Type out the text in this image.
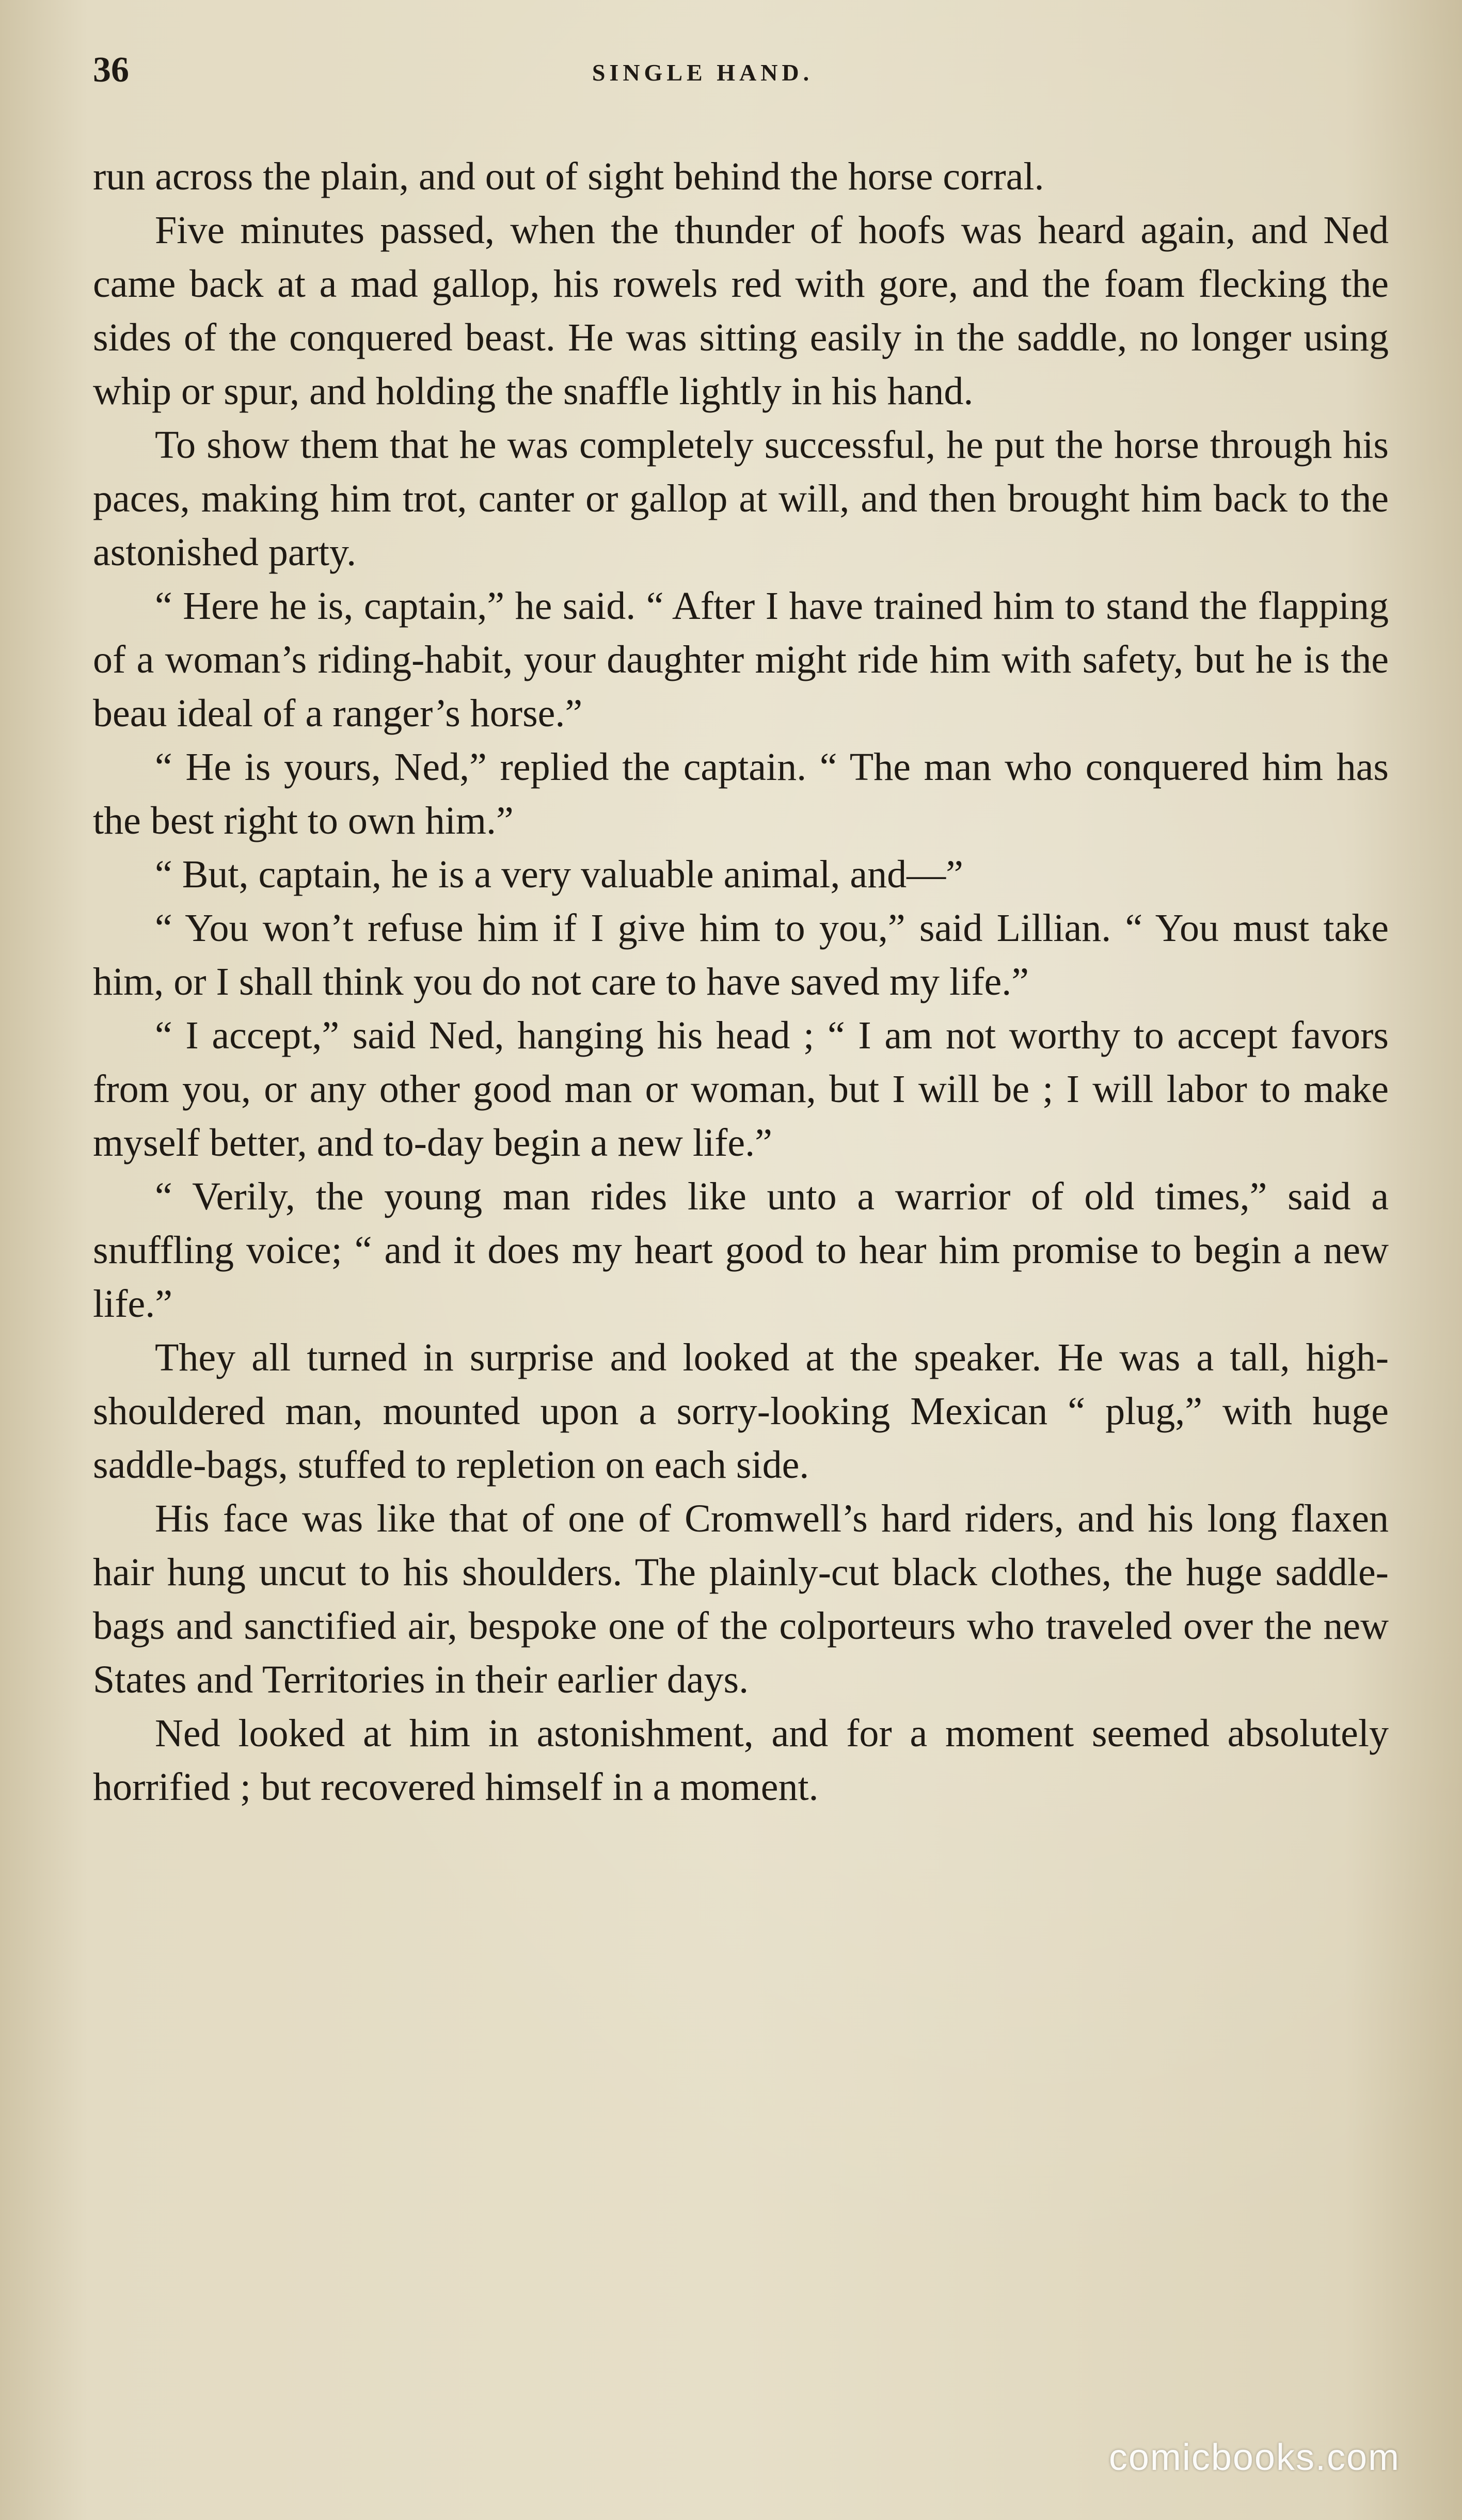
36	SINGLE HAND.

run across the plain, and out of sight behind the horse corral.

Five minutes passed, when the thunder of hoofs was heard again, and Ned came back at a mad gallop, his rowels red with gore, and the foam flecking the sides of the conquered beast. He was sitting easily in the saddle, no longer using whip or spur, and holding the snaffle lightly in his hand.

To show them that he was completely successful, he put the horse through his paces, making him trot, canter or gallop at will, and then brought him back to the astonished party.

“ Here he is, captain,” he said. “ After I have trained him to stand the flapping of a woman’s riding-habit, your daughter might ride him with safety, but he is the beau ideal of a ranger’s horse.”

“ He is yours, Ned,” replied the captain. “ The man who conquered him has the best right to own him.”

“ But, captain, he is a very valuable animal, and—”

“ You won’t refuse him if I give him to you,” said Lillian. “ You must take him, or I shall think you do not care to have saved my life.”

“ I accept,” said Ned, hanging his head ; “ I am not worthy to accept favors from you, or any other good man or woman, but I will be ; I will labor to make myself better, and to-day begin a new life.”

“ Verily, the young man rides like unto a warrior of old times,” said a snuffling voice; “ and it does my heart good to hear him promise to begin a new life.”

They all turned in surprise and looked at the speaker. He was a tall, high-shouldered man, mounted upon a sorry-looking Mexican “ plug,” with huge saddle-bags, stuffed to repletion on each side.

His face was like that of one of Cromwell’s hard riders, and his long flaxen hair hung uncut to his shoulders. The plainly-cut black clothes, the huge saddle-bags and sanctified air, bespoke one of the colporteurs who traveled over the new States and Territories in their earlier days.

Ned looked at him in astonishment, and for a moment seemed absolutely horrified ; but recovered himself in a moment.

comicbooks.com
